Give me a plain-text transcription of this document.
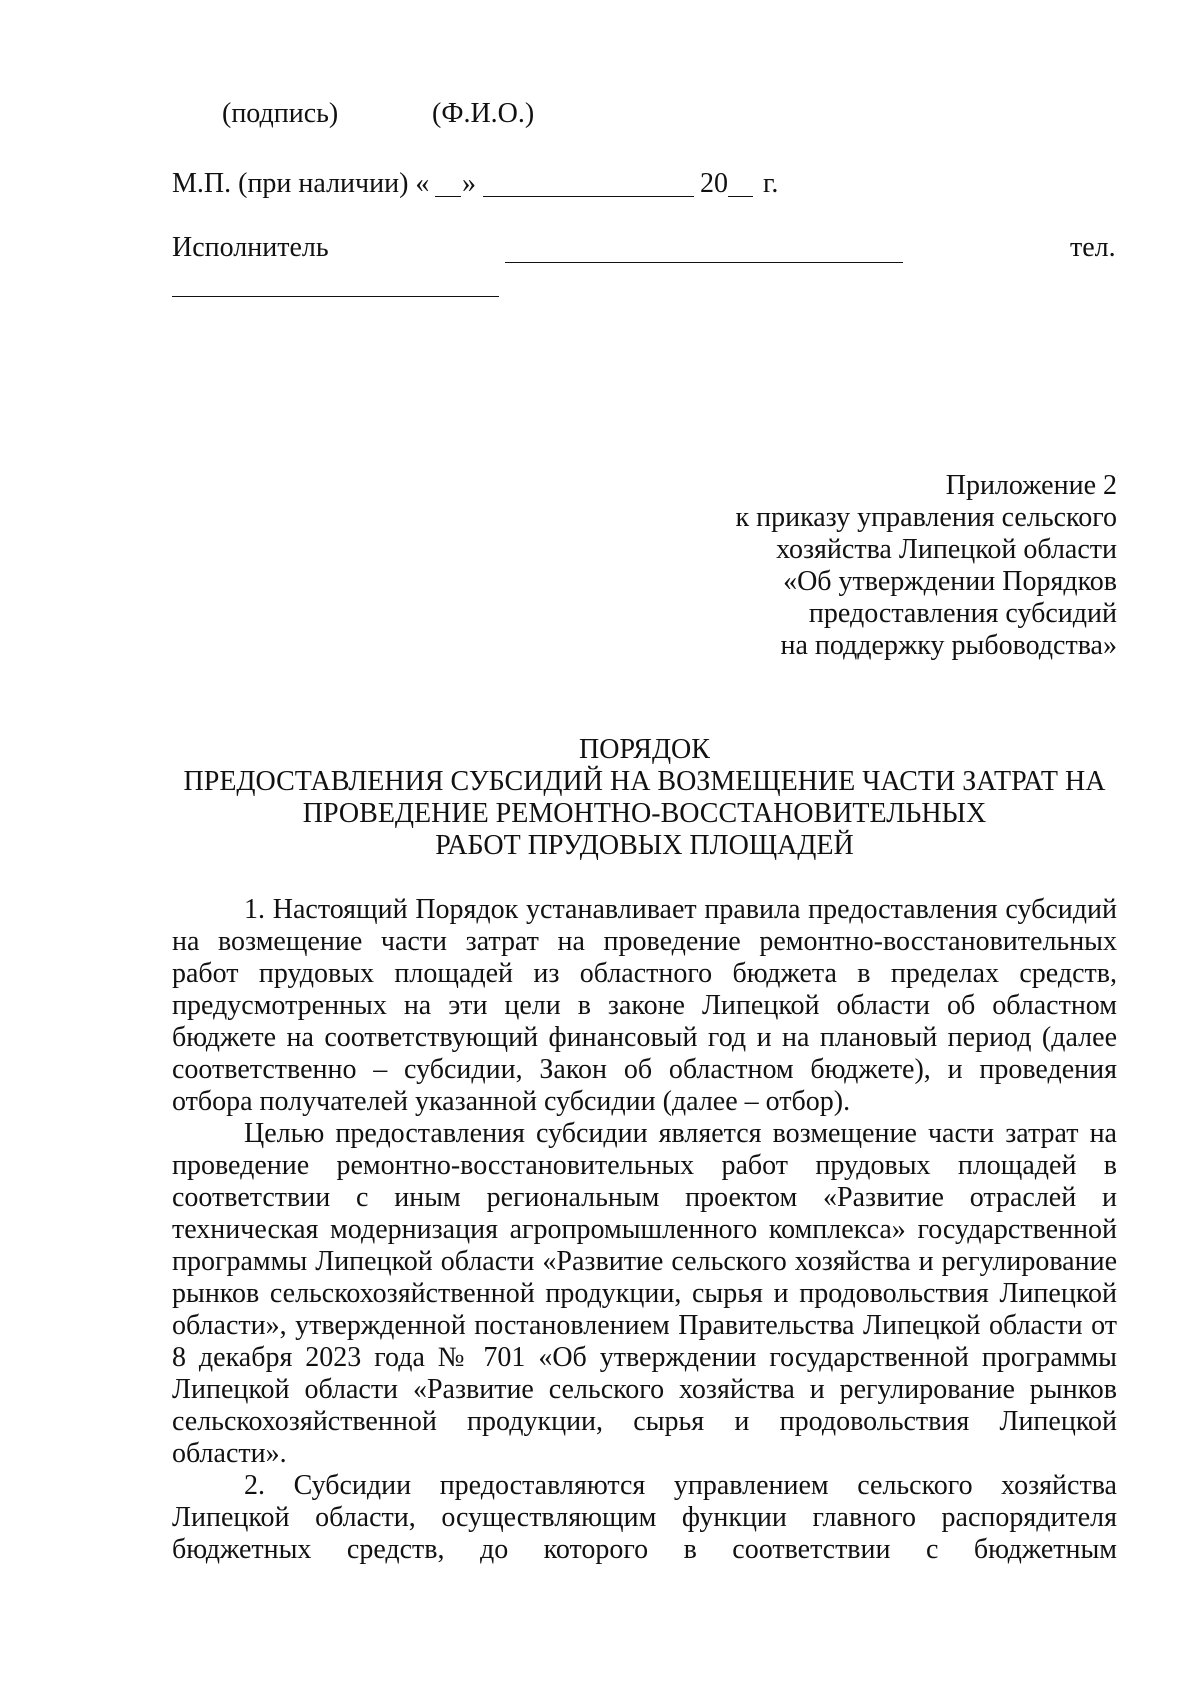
(подпись)	(Ф.И.О.)
М.П. (при наличии) « »	20 г.
Исполнитель	тел.
Приложение 2
к приказу управления сельского
хозяйства Липецкой области
«Об утверждении Порядков
предоставления субсидий
на поддержку рыбоводства»
ПОРЯДОК
ПРЕДОСТАВЛЕНИЯ СУБСИДИЙ НА ВОЗМЕЩЕНИЕ ЧАСТИ ЗАТРАТ НА
ПРОВЕДЕНИЕ РЕМОНТНО-ВОССТАНОВИТЕЛЬНЫХ
РАБОТ ПРУДОВЫХ ПЛОЩАДЕЙ

1. Настоящий Порядок устанавливает правила предоставления субсидий на возмещение части затрат на проведение ремонтно-восстановительных работ прудовых площадей из областного бюджета в пределах средств, предусмотренных на эти цели в законе Липецкой области об областном бюджете на соответствующий финансовый год и на плановый период (далее соответственно – субсидии, Закон об областном бюджете), и проведения отбора получателей указанной субсидии (далее – отбор).

Целью предоставления субсидии является возмещение части затрат на проведение ремонтно-восстановительных работ прудовых площадей в соответствии с иным региональным проектом «Развитие отраслей и техническая модернизация агропромышленного комплекса» государственной программы Липецкой области «Развитие сельского хозяйства и регулирование рынков сельскохозяйственной продукции, сырья и продовольствия Липецкой области», утвержденной постановлением Правительства Липецкой области от 8 декабря 2023 года № 701 «Об утверждении государственной программы Липецкой области «Развитие сельского хозяйства и регулирование рынков сельскохозяйственной продукции, сырья и продовольствия Липецкой области».

2. Субсидии предоставляются управлением сельского хозяйства Липецкой области, осуществляющим функции главного распорядителя бюджетных средств, до которого в соответствии с бюджетным
